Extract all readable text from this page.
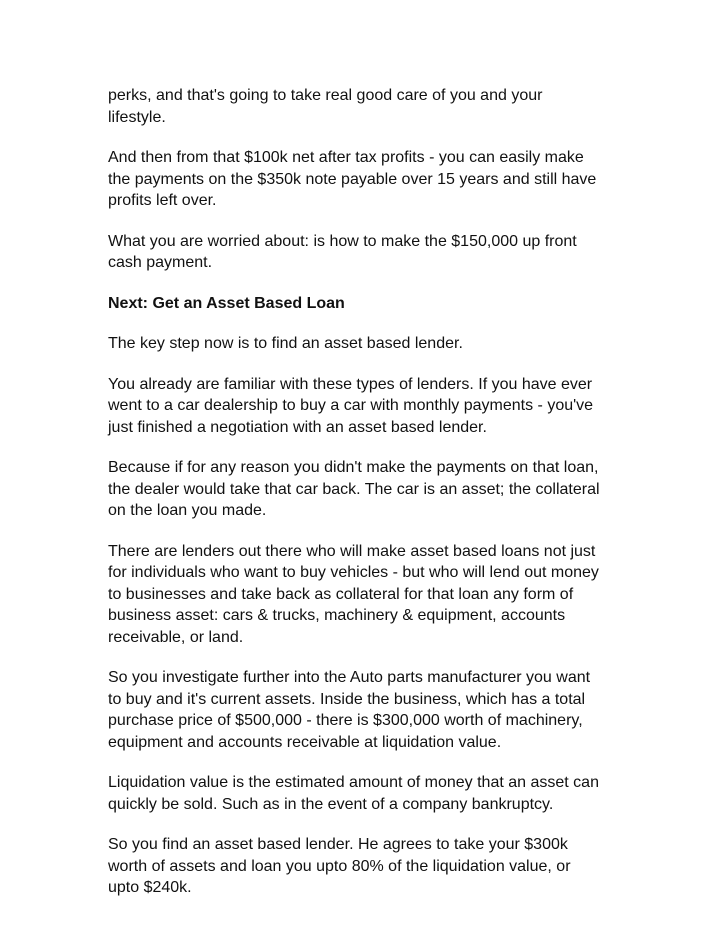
perks, and that's going to take real good care of you and your
lifestyle.

And then from that $100k net after tax profits - you can easily make
the payments on the $350k note payable over 15 years and still have
profits left over.

What you are worried about: is how to make the $150,000 up front
cash payment.

Next: Get an Asset Based Loan

The key step now is to find an asset based lender.

You already are familiar with these types of lenders. If you have ever
went to a car dealership to buy a car with monthly payments - you've
just finished a negotiation with an asset based lender.

Because if for any reason you didn't make the payments on that loan,
the dealer would take that car back. The car is an asset; the collateral
on the loan you made.

There are lenders out there who will make asset based loans not just
for individuals who want to buy vehicles - but who will lend out money
to businesses and take back as collateral for that loan any form of
business asset: cars & trucks, machinery & equipment, accounts
receivable, or land.

So you investigate further into the Auto parts manufacturer you want
to buy and it's current assets. Inside the business, which has a total
purchase price of $500,000 - there is $300,000 worth of machinery,
equipment and accounts receivable at liquidation value.

Liquidation value is the estimated amount of money that an asset can
quickly be sold. Such as in the event of a company bankruptcy.

So you find an asset based lender. He agrees to take your $300k
worth of assets and loan you upto 80% of the liquidation value, or
upto $240k.
